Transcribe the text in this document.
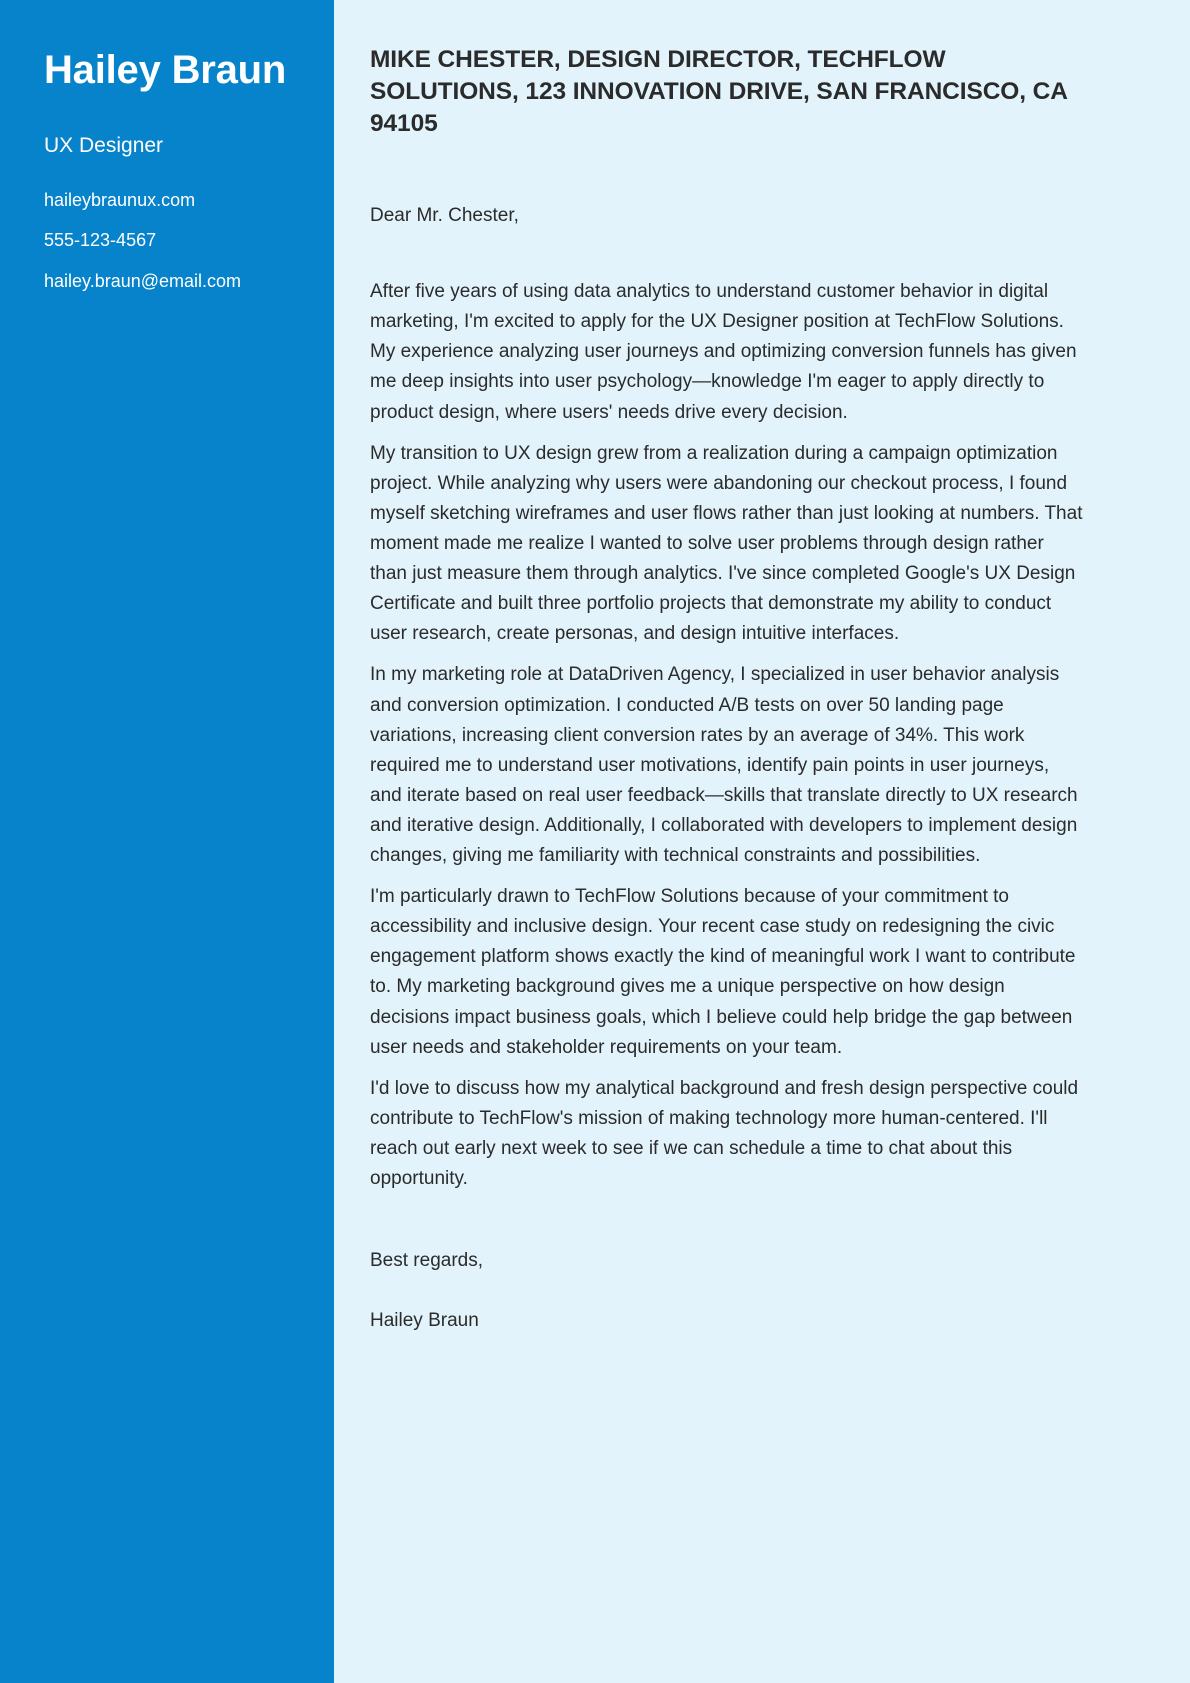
Hailey Braun
UX Designer
haileybraunux.com
555-123-4567
hailey.braun@email.com
MIKE CHESTER, DESIGN DIRECTOR, TECHFLOW SOLUTIONS, 123 INNOVATION DRIVE, SAN FRANCISCO, CA 94105

Dear Mr. Chester,

After five years of using data analytics to understand customer behavior in digital marketing, I'm excited to apply for the UX Designer position at TechFlow Solutions. My experience analyzing user journeys and optimizing conversion funnels has given me deep insights into user psychology—knowledge I'm eager to apply directly to product design, where users' needs drive every decision.

My transition to UX design grew from a realization during a campaign optimization project. While analyzing why users were abandoning our checkout process, I found myself sketching wireframes and user flows rather than just looking at numbers. That moment made me realize I wanted to solve user problems through design rather than just measure them through analytics. I've since completed Google's UX Design Certificate and built three portfolio projects that demonstrate my ability to conduct user research, create personas, and design intuitive interfaces.

In my marketing role at DataDriven Agency, I specialized in user behavior analysis and conversion optimization. I conducted A/B tests on over 50 landing page variations, increasing client conversion rates by an average of 34%. This work required me to understand user motivations, identify pain points in user journeys, and iterate based on real user feedback—skills that translate directly to UX research and iterative design. Additionally, I collaborated with developers to implement design changes, giving me familiarity with technical constraints and possibilities.

I'm particularly drawn to TechFlow Solutions because of your commitment to accessibility and inclusive design. Your recent case study on redesigning the civic engagement platform shows exactly the kind of meaningful work I want to contribute to. My marketing background gives me a unique perspective on how design decisions impact business goals, which I believe could help bridge the gap between user needs and stakeholder requirements on your team.

I'd love to discuss how my analytical background and fresh design perspective could contribute to TechFlow's mission of making technology more human-centered. I'll reach out early next week to see if we can schedule a time to chat about this opportunity.

Best regards,

Hailey Braun
